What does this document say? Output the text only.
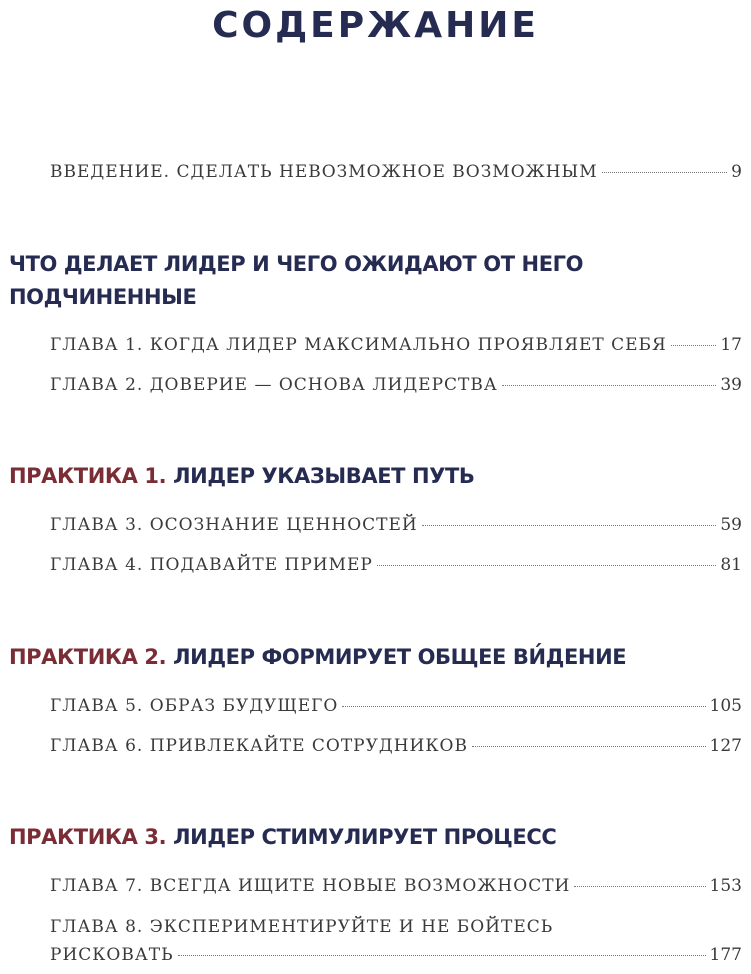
СОДЕРЖАНИЕ
ВВЕДЕНИЕ. СДЕЛАТЬ НЕВОЗМОЖНОЕ ВОЗМОЖНЫМ	9
ЧТО ДЕЛАЕТ ЛИДЕР И ЧЕГО ОЖИДАЮТ ОТ НЕГО
ПОДЧИНЕННЫЕ
ГЛАВА 1. КОГДА ЛИДЕР МАКСИМАЛЬНО ПРОЯВЛЯЕТ СЕБЯ	17
ГЛАВА 2. ДОВЕРИЕ — ОСНОВА ЛИДЕРСТВА	39
ПРАКТИКА 1. ЛИДЕР УКАЗЫВАЕТ ПУТЬ
ГЛАВА 3. ОСОЗНАНИЕ ЦЕННОСТЕЙ	59
ГЛАВА 4. ПОДАВАЙТЕ ПРИМЕР	81
ПРАКТИКА 2. ЛИДЕР ФОРМИРУЕТ ОБЩЕЕ ВИ́ДЕНИЕ
ГЛАВА 5. ОБРАЗ БУДУЩЕГО	105
ГЛАВА 6. ПРИВЛЕКАЙТЕ СОТРУДНИКОВ	127
ПРАКТИКА 3. ЛИДЕР СТИМУЛИРУЕТ ПРОЦЕСС
ГЛАВА 7. ВСЕГДА ИЩИТЕ НОВЫЕ ВОЗМОЖНОСТИ	153
ГЛАВА 8. ЭКСПЕРИМЕНТИРУЙТЕ И НЕ БОЙТЕСЬ
РИСКОВАТЬ	177
